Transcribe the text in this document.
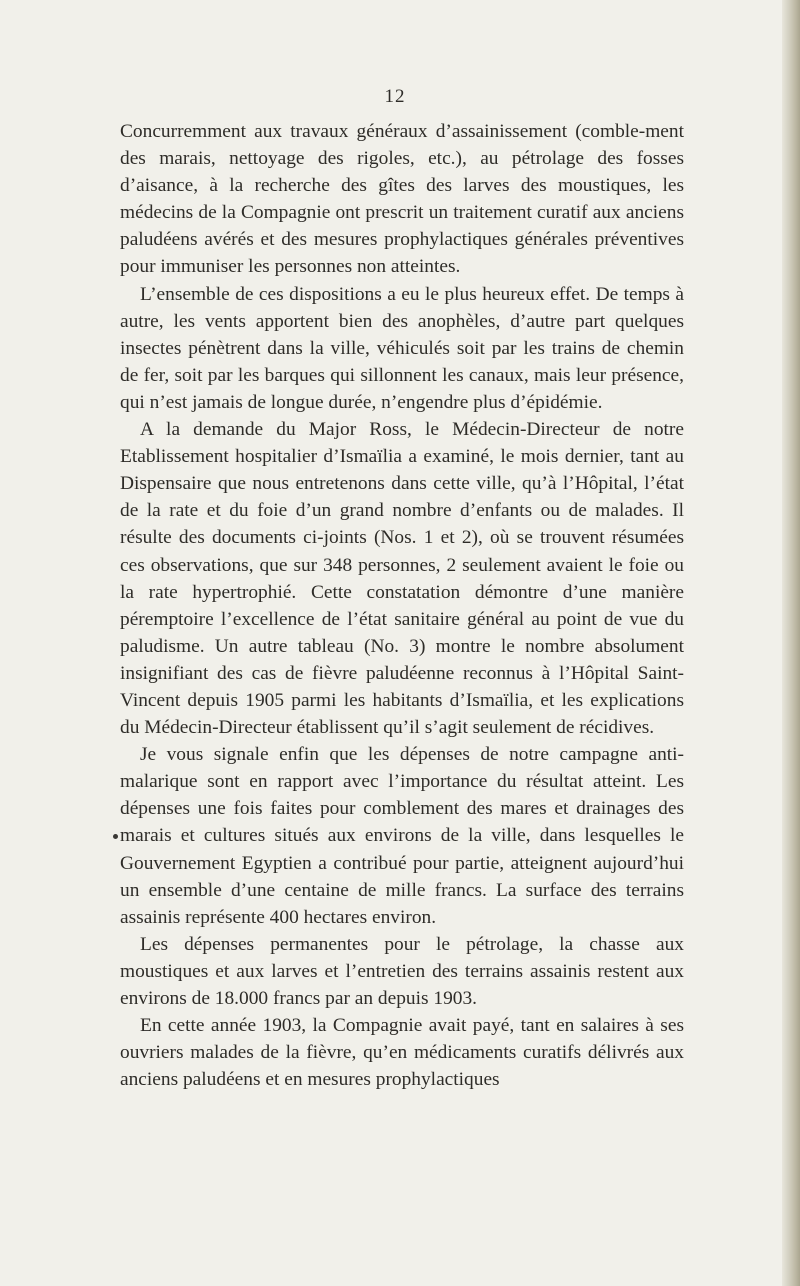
12

Concurremment aux travaux généraux d’assainissement (comble-ment des marais, nettoyage des rigoles, etc.), au pétrolage des fosses d’aisance, à la recherche des gîtes des larves des moustiques, les médecins de la Compagnie ont prescrit un traitement curatif aux anciens paludéens avérés et des mesures prophylactiques générales préventives pour immuniser les personnes non atteintes.

L’ensemble de ces dispositions a eu le plus heureux effet. De temps à autre, les vents apportent bien des anophèles, d’autre part quelques insectes pénètrent dans la ville, véhiculés soit par les trains de chemin de fer, soit par les barques qui sillonnent les canaux, mais leur présence, qui n’est jamais de longue durée, n’engendre plus d’épidémie.

A la demande du Major Ross, le Médecin-Directeur de notre Etablissement hospitalier d’Ismaïlia a examiné, le mois dernier, tant au Dispensaire que nous entretenons dans cette ville, qu’à l’Hôpital, l’état de la rate et du foie d’un grand nombre d’enfants ou de malades. Il résulte des documents ci-joints (Nos. 1 et 2), où se trouvent résumées ces observations, que sur 348 personnes, 2 seulement avaient le foie ou la rate hypertrophié. Cette constatation démontre d’une manière péremptoire l’excellence de l’état sanitaire général au point de vue du paludisme. Un autre tableau (No. 3) montre le nombre absolument insignifiant des cas de fièvre paludéenne reconnus à l’Hôpital Saint-Vincent depuis 1905 parmi les habitants d’Ismaïlia, et les explications du Médecin-Directeur établissent qu’il s’agit seulement de récidives.

Je vous signale enfin que les dépenses de notre campagne anti-malarique sont en rapport avec l’importance du résultat atteint. Les dépenses une fois faites pour comblement des mares et drainages des marais et cultures situés aux environs de la ville, dans lesquelles le Gouvernement Egyptien a contribué pour partie, atteignent aujourd’hui un ensemble d’une centaine de mille francs. La surface des terrains assainis représente 400 hectares environ.

Les dépenses permanentes pour le pétrolage, la chasse aux moustiques et aux larves et l’entretien des terrains assainis restent aux environs de 18.000 francs par an depuis 1903.

En cette année 1903, la Compagnie avait payé, tant en salaires à ses ouvriers malades de la fièvre, qu’en médicaments curatifs délivrés aux anciens paludéens et en mesures prophylactiques
